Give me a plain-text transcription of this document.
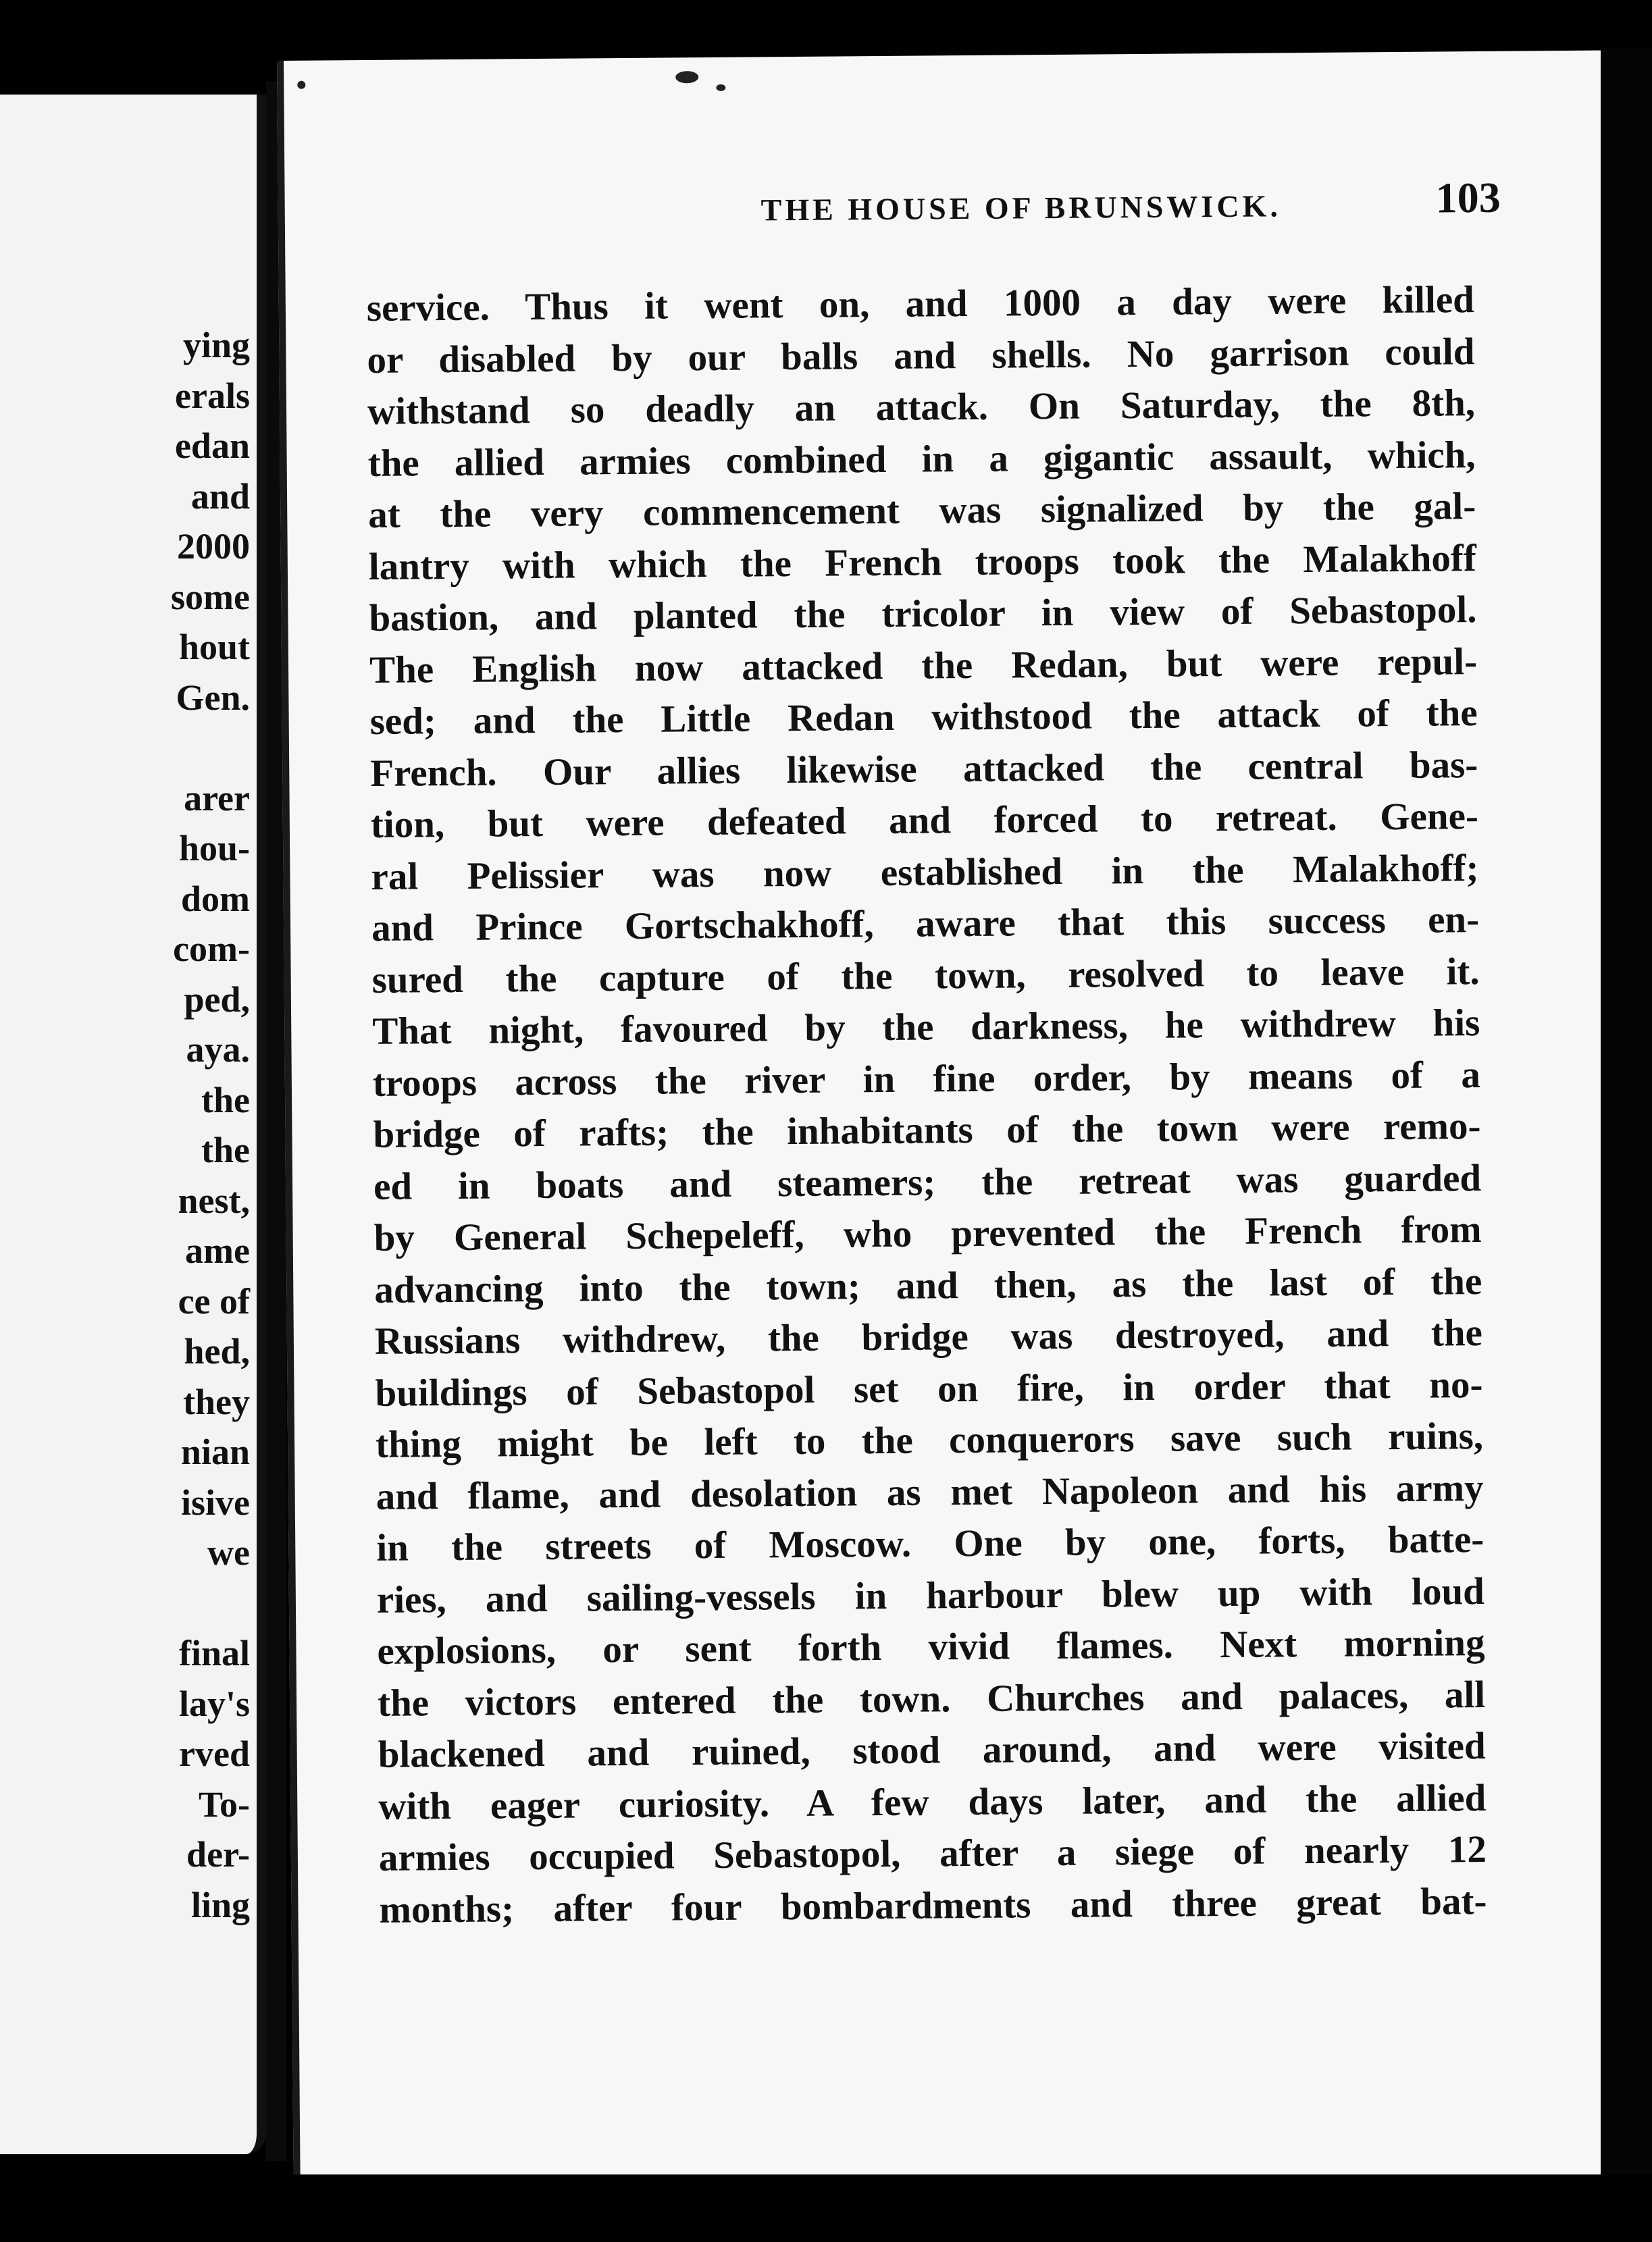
ying
erals
edan
and
2000
some
hout
Gen.
arer
hou-
dom
com-
ped,
aya.
the
the
nest,
ame
ce of
hed,
they
nian
isive
we
final
lay's
rved
To-
der-
ling
THE HOUSE OF BRUNSWICK.	103
service. Thus it went on, and 1000 a day were killed
or disabled by our balls and shells. No garrison could
withstand so deadly an attack. On Saturday, the 8th,
the allied armies combined in a gigantic assault, which,
at the very commencement was signalized by the gal-
lantry with which the French troops took the Malakhoff
bastion, and planted the tricolor in view of Sebastopol.
The English now attacked the Redan, but were repul-
sed; and the Little Redan withstood the attack of the
French. Our allies likewise attacked the central bas-
tion, but were defeated and forced to retreat. Gene-
ral Pelissier was now established in the Malakhoff;
and Prince Gortschakhoff, aware that this success en-
sured the capture of the town, resolved to leave it.
That night, favoured by the darkness, he withdrew his
troops across the river in fine order, by means of a
bridge of rafts; the inhabitants of the town were remo-
ed in boats and steamers; the retreat was guarded
by General Schepeleff, who prevented the French from
advancing into the town; and then, as the last of the
Russians withdrew, the bridge was destroyed, and the
buildings of Sebastopol set on fire, in order that no-
thing might be left to the conquerors save such ruins,
and flame, and desolation as met Napoleon and his army
in the streets of Moscow. One by one, forts, batte-
ries, and sailing-vessels in harbour blew up with loud
explosions, or sent forth vivid flames. Next morning
the victors entered the town. Churches and palaces, all
blackened and ruined, stood around, and were visited
with eager curiosity. A few days later, and the allied
armies occupied Sebastopol, after a siege of nearly 12
months; after four bombardments and three great bat-
